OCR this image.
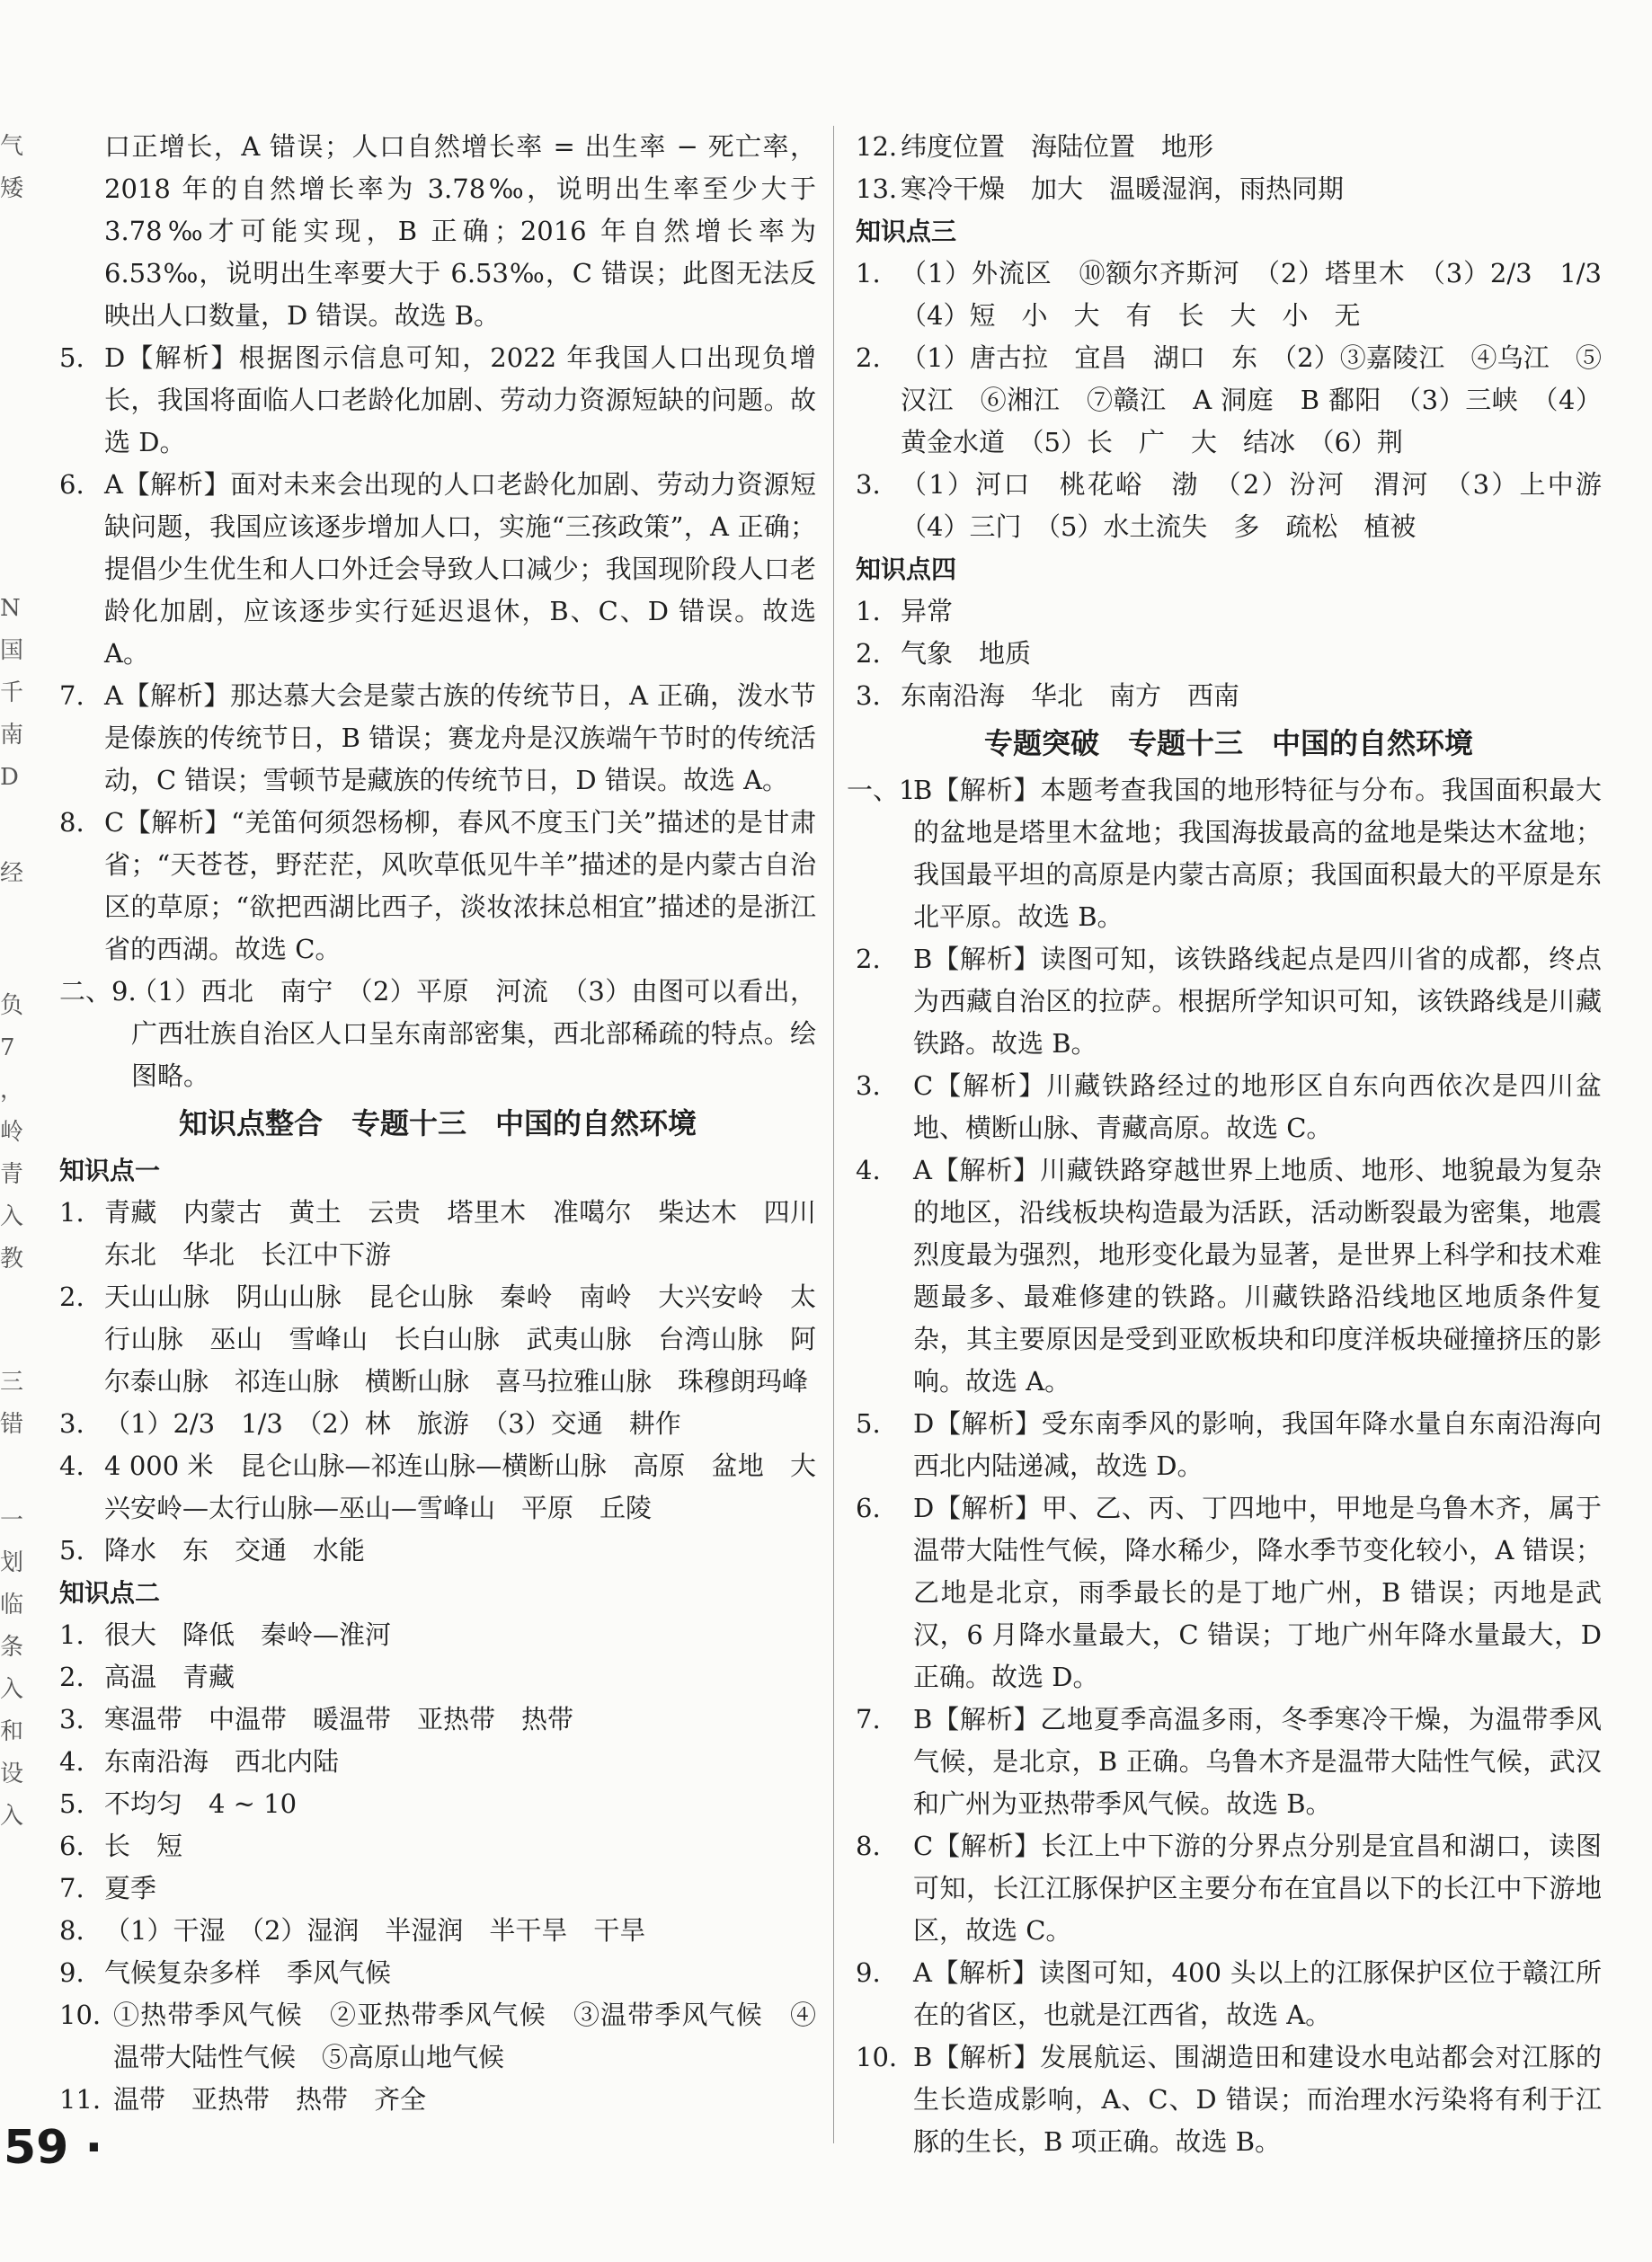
气
矮
N
国
千
南
D
经
负
7
，
岭
青
入
教
三
错
一
划
临
条
入
和
设
入
口正增长，A 错误；人口自然增长率 = 出生率 − 死亡率，2018 年的自然增长率为 3.78‰，说明出生率至少大于 3.78‰才可能实现，B 正确；2016 年自然增长率为 6.53‰，说明出生率要大于 6.53‰，C 错误；此图无法反映出人口数量，D 错误。故选 B。
5. D【解析】根据图示信息可知，2022 年我国人口出现负增长，我国将面临人口老龄化加剧、劳动力资源短缺的问题。故选 D。
6. A【解析】面对未来会出现的人口老龄化加剧、劳动力资源短缺问题，我国应该逐步增加人口，实施“三孩政策”，A 正确；提倡少生优生和人口外迁会导致人口减少；我国现阶段人口老龄化加剧，应该逐步实行延迟退休，B、C、D 错误。故选 A。
7. A【解析】那达慕大会是蒙古族的传统节日，A 正确，泼水节是傣族的传统节日，B 错误；赛龙舟是汉族端午节时的传统活动，C 错误；雪顿节是藏族的传统节日，D 错误。故选 A。
8. C【解析】“羌笛何须怨杨柳，春风不度玉门关”描述的是甘肃省；“天苍苍，野茫茫，风吹草低见牛羊”描述的是内蒙古自治区的草原；“欲把西湖比西子，淡妆浓抹总相宜”描述的是浙江省的西湖。故选 C。
二、9.
（1）西北　南宁　（2）平原　河流　（3）由图可以看出，广西壮族自治区人口呈东南部密集，西北部稀疏的特点。绘图略。
知识点整合　专题十三　中国的自然环境
知识点一
1. 青藏　内蒙古　黄土　云贵　塔里木　准噶尔　柴达木　四川　东北　华北　长江中下游
2. 天山山脉　阴山山脉　昆仑山脉　秦岭　南岭　大兴安岭　太行山脉　巫山　雪峰山　长白山脉　武夷山脉　台湾山脉　阿尔泰山脉　祁连山脉　横断山脉　喜马拉雅山脉　珠穆朗玛峰
3. （1）2/3　1/3　（2）林　旅游　（3）交通　耕作
4. 4 000 米　昆仑山脉—祁连山脉—横断山脉　高原　盆地　大兴安岭—太行山脉—巫山—雪峰山　平原　丘陵
5. 降水　东　交通　水能
知识点二
1. 很大　降低　秦岭—淮河
2. 高温　青藏
3. 寒温带　中温带　暖温带　亚热带　热带
4. 东南沿海　西北内陆
5. 不均匀　4 ~ 10
6. 长　短
7. 夏季
8. （1）干湿　（2）湿润　半湿润　半干旱　干旱
9. 气候复杂多样　季风气候
10. ①热带季风气候　②亚热带季风气候　③温带季风气候　④温带大陆性气候　⑤高原山地气候
11. 温带　亚热带　热带　齐全
12. 纬度位置　海陆位置　地形
13. 寒冷干燥　加大　温暖湿润，雨热同期
知识点三
1. （1）外流区　⑩额尔齐斯河　（2）塔里木　（3）2/3　1/3　（4）短　小　大　有　长　大　小　无
2. （1）唐古拉　宜昌　湖口　东　（2）③嘉陵江　④乌江　⑤汉江　⑥湘江　⑦赣江　A 洞庭　B 鄱阳　（3）三峡　（4）黄金水道　（5）长　广　大　结冰　（6）荆
3. （1）河口　桃花峪　渤　（2）汾河　渭河　（3）上中游　（4）三门　（5）水土流失　多　疏松　植被
知识点四
1. 异常
2. 气象　地质
3. 东南沿海　华北　南方　西南
专题突破　专题十三　中国的自然环境
一、1.
B【解析】本题考查我国的地形特征与分布。我国面积最大的盆地是塔里木盆地；我国海拔最高的盆地是柴达木盆地；我国最平坦的高原是内蒙古高原；我国面积最大的平原是东北平原。故选 B。
2. B【解析】读图可知，该铁路线起点是四川省的成都，终点为西藏自治区的拉萨。根据所学知识可知，该铁路线是川藏铁路。故选 B。
3. C【解析】川藏铁路经过的地形区自东向西依次是四川盆地、横断山脉、青藏高原。故选 C。
4. A【解析】川藏铁路穿越世界上地质、地形、地貌最为复杂的地区，沿线板块构造最为活跃，活动断裂最为密集，地震烈度最为强烈，地形变化最为显著，是世界上科学和技术难题最多、最难修建的铁路。川藏铁路沿线地区地质条件复杂，其主要原因是受到亚欧板块和印度洋板块碰撞挤压的影响。故选 A。
5. D【解析】受东南季风的影响，我国年降水量自东南沿海向西北内陆递减，故选 D。
6. D【解析】甲、乙、丙、丁四地中，甲地是乌鲁木齐，属于温带大陆性气候，降水稀少，降水季节变化较小，A 错误；乙地是北京，雨季最长的是丁地广州，B 错误；丙地是武汉，6 月降水量最大，C 错误；丁地广州年降水量最大，D 正确。故选 D。
7. B【解析】乙地夏季高温多雨，冬季寒冷干燥，为温带季风气候，是北京，B 正确。乌鲁木齐是温带大陆性气候，武汉和广州为亚热带季风气候。故选 B。
8. C【解析】长江上中下游的分界点分别是宜昌和湖口，读图可知，长江江豚保护区主要分布在宜昌以下的长江中下游地区，故选 C。
9. A【解析】读图可知，400 头以上的江豚保护区位于赣江所在的省区，也就是江西省，故选 A。
10. B【解析】发展航运、围湖造田和建设水电站都会对江豚的生长造成影响，A、C、D 错误；而治理水污染将有利于江豚的生长，B 项正确。故选 B。
59 ·
